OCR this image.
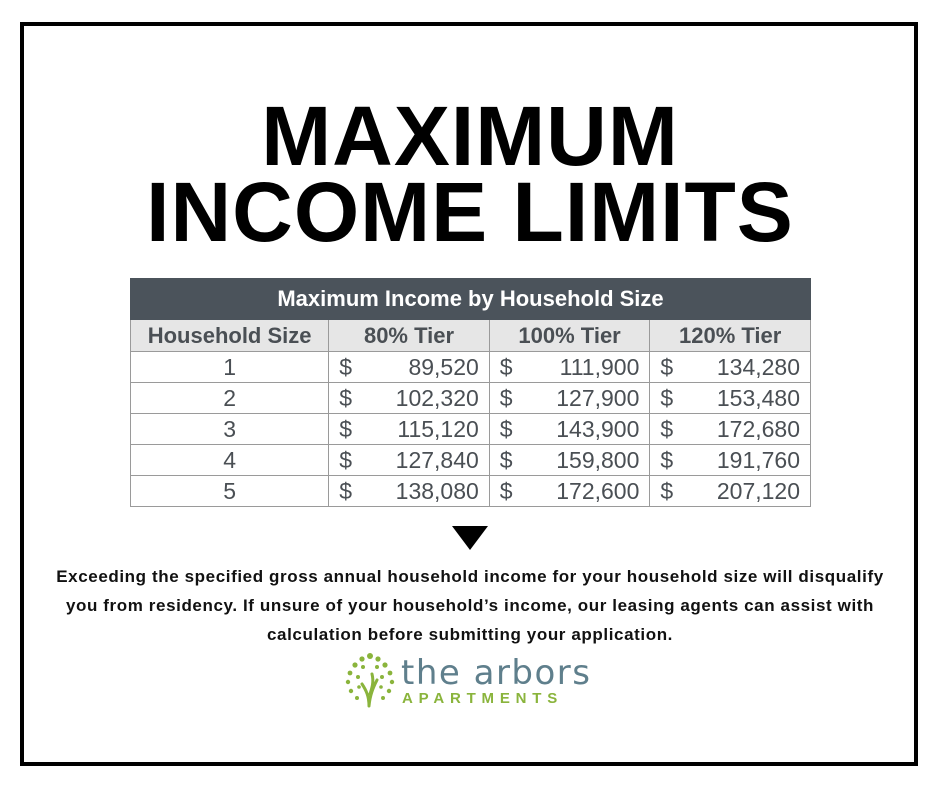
MAXIMUM
INCOME LIMITS
Maximum Income by Household Size			
Household Size	80% Tier	100% Tier	120% Tier
1	$ 89,520	$ 111,900	$ 134,280

2	$ 102,320	$ 127,900	$ 153,480

3	$ 115,120	$ 143,900	$ 172,680

4	$ 127,840	$ 159,800	$ 191,760

5	$ 138,080	$ 172,600	$ 207,120

Exceeding the specified gross annual household income for your household size will disqualify you from residency. If unsure of your household’s income, our leasing agents can assist with calculation before submitting your application.

the arbors
APARTMENTS
